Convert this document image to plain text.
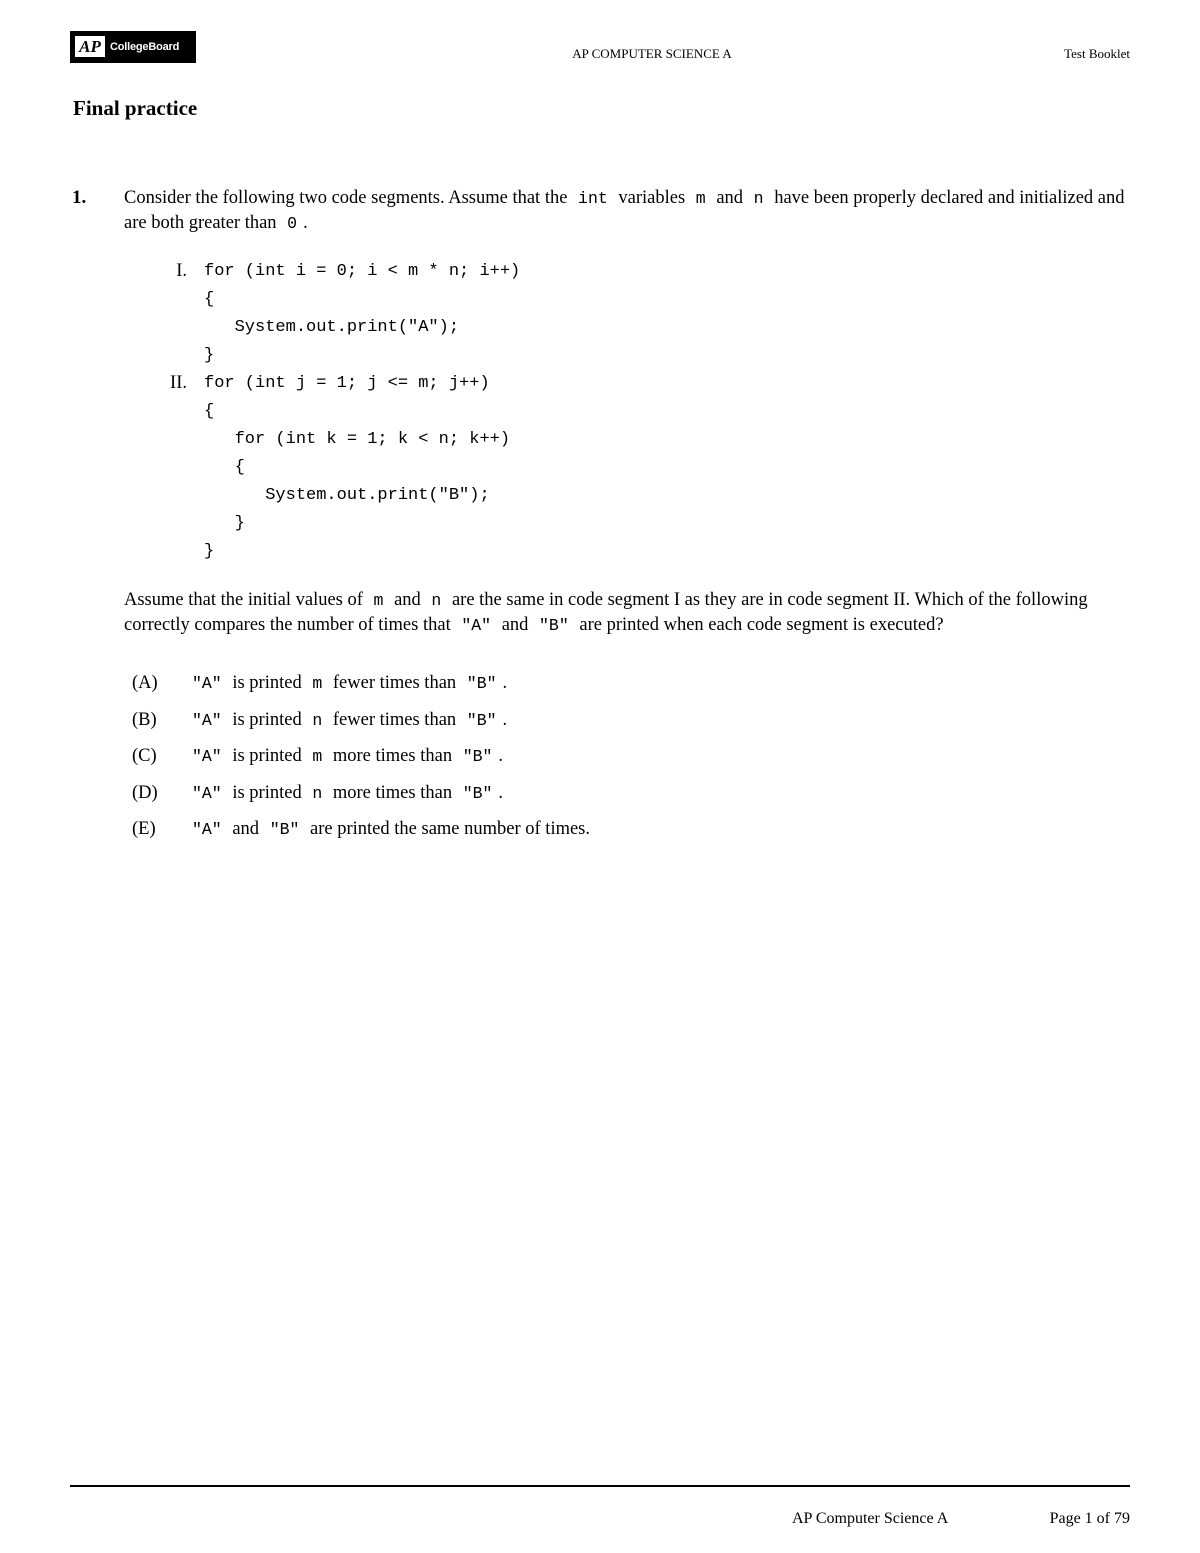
AP CollegeBoard	AP COMPUTER SCIENCE A	Test Booklet
Final practice
1. Consider the following two code segments. Assume that the int variables m and n have been properly declared and initialized and are both greater than 0 .
I. for (int i = 0; i < m * n; i++)
{
System.out.print("A");
}
II. for (int j = 1; j <= m; j++)
{
for (int k = 1; k < n; k++)
{
System.out.print("B");
}
}
Assume that the initial values of m and n are the same in code segment I as they are in code segment II. Which of the following correctly compares the number of times that "A" and "B" are printed when each code segment is executed?
(A)	"A" is printed m fewer times than "B" .
(B)	"A" is printed n fewer times than "B" .
(C)	"A" is printed m more times than "B" .
(D)	"A" is printed n more times than "B" .
(E)	"A" and "B" are printed the same number of times.
AP Computer Science A	Page 1 of 79
